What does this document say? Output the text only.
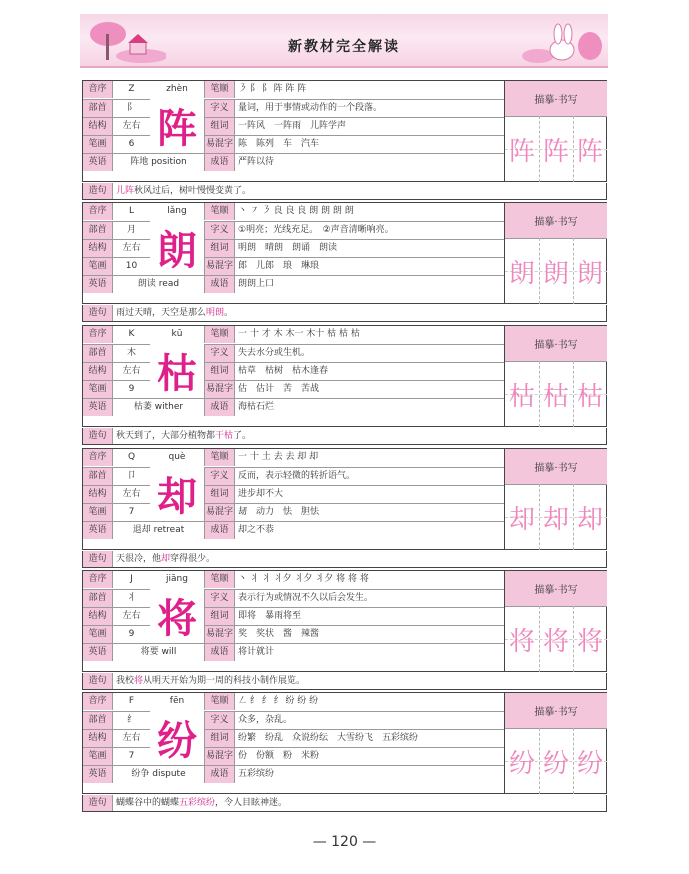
新教材完全解读
音序	Z	zhèn	笔顺	㇋ 阝 阝 阵 阵 阵
部首	阝	字义	量词，用于事情或动作的一个段落。
结构	左右	组词	一阵风　一阵雨　儿阵学声
笔画	6	易混字 陈　陈列　车　汽车
英语	阵地 position	成语	严阵以待
阵
描摹·书写
阵 阵 阵
造句	儿阵秋风过后，树叶慢慢变黄了。
音序	L	lǎng	笔顺	丶 ㇇ ㇋ 良 良 良 朗 朗 朗 朗
部首	月	字义	①明亮；光线充足。　②声音清晰响亮。
结构	左右	组词	明朗　晴朗　朗诵　朗读
笔画	10	易混字 郎　儿郎　琅　琳琅
英语	朗读 read	成语	朗朗上口
朗
描摹·书写
朗 朗 朗
造句	雨过天晴，天空是那么明朗。
音序	K	kū	笔顺	一 十 才 木 木一 木十 枯 枯 枯
部首	木	字义	失去水分或生机。
结构	左右	组词	枯草　枯树　枯木逢春
笔画	9	易混字 估　估计　苦　苦战
英语	枯萎 wither	成语	海枯石烂
枯
描摹·书写
枯 枯 枯
造句	秋天到了，大部分植物都干枯了。
音序	Q	què	笔顺	一 十 土 去 去 却 却
部首	卩	字义	反而，表示轻微的转折语气。
结构	左右	组词	进步却不大
笔画	7	易混字 刼　动力　怯　胆怯
英语	退却 retreat	成语	却之不恭
却
描摹·书写
却 却 却
造句	天很冷，他却穿得很少。
音序	J	jiāng	笔顺	丶 丬 丬 丬夕 丬夕 丬夕 将 将 将
部首	丬	字义	表示行为或情况不久以后会发生。
结构	左右	组词	即将　暴雨将至
笔画	9	易混字 奖　奖状　酱　辣酱
英语	将要 will	成语	将计就计
将
描摹·书写
将 将 将
造句	我校将从明天开始为期一周的科技小制作展览。
音序	F	fēn	笔顺	㇜ 纟 纟 纟 纷 纷 纷
部首	纟	字义	众多，杂乱。
结构	左右	组词	纷繁　纷乱　众说纷纭　大雪纷飞　五彩缤纷
笔画	7	易混字 份　份额　粉　米粉
英语	纷争 dispute	成语	五彩缤纷
纷
描摹·书写
纷 纷 纷
造句	蝴蝶谷中的蝴蝶五彩缤纷，令人目眩神迷。
— 120 —
